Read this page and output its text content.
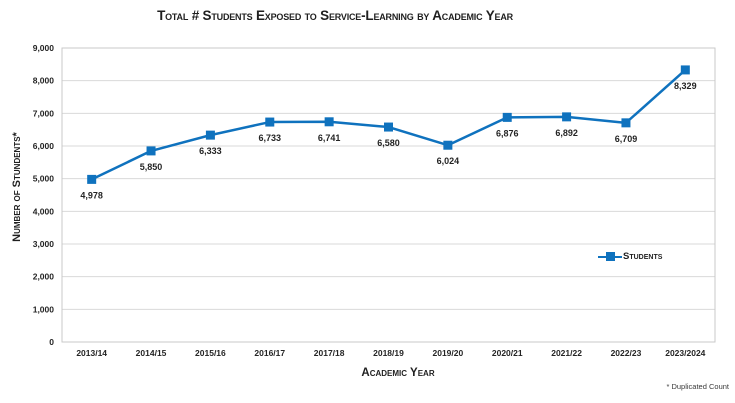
Total # Students Exposed to Service-Learning by Academic Year
Number of Stundents*
0
1,000
2,000
3,000
4,000
5,000
6,000
7,000
8,000
9,000
2013/14	2014/15	2015/16	2016/17	2017/18	2018/19	2019/20	2020/21	2021/22	2022/23	2023/2024
4,978
5,850
6,333
6,733	6,741
6,580
6,024
6,876	6,892
6,709
8,329
Students
Academic Year
* Duplicated Count
